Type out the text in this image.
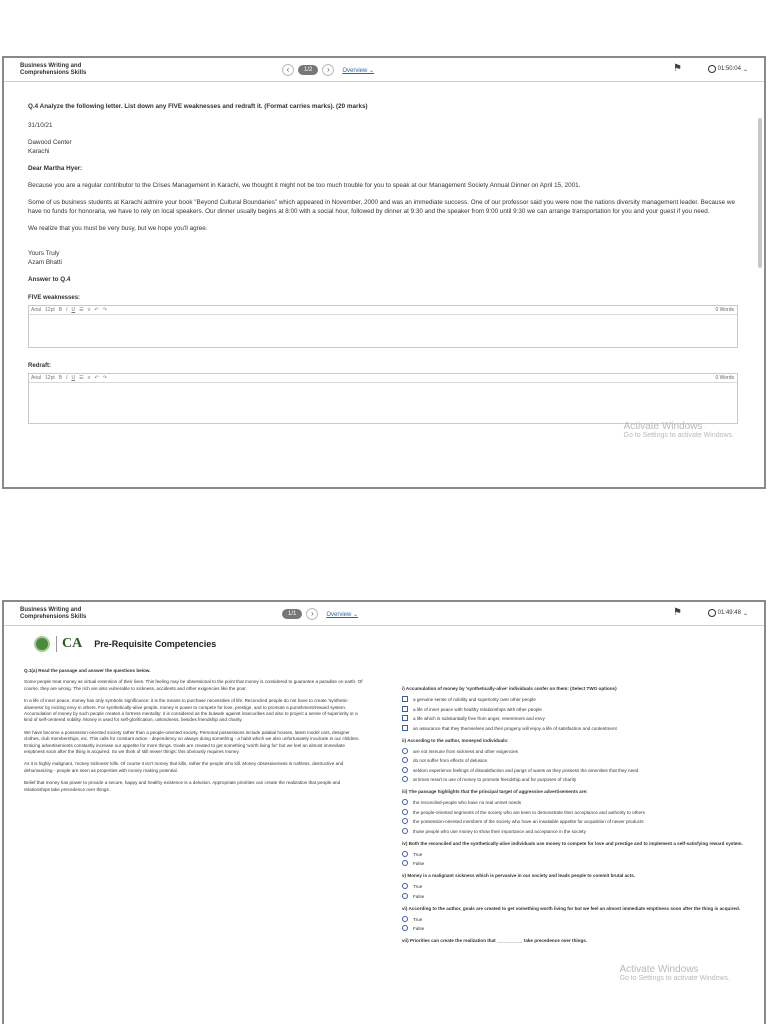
Business Writing and Comprehensions Skills	‹	1/2	›	Overview ⌄	⚑	01:50:04 ⌄
Q.4 Analyze the following letter. List down any FIVE weaknesses and redraft it. (Format carries marks). (20 marks)
31/10/21
Dawood Center
Karachi
Dear Martha Hyer:
Because you are a regular contributor to the Crises Management in Karachi, we thought it might not be too much trouble for you to speak at our Management Society Annual Dinner on April 15, 2001.
Some of us business students at Karachi admire your book "Beyond Cultural Boundaries" which appeared in November, 2000 and was an immediate success. One of our professor said you were now the nations diversity management leader. Because we have no funds for honoraria, we have to rely on local speakers. Our dinner usually begins at 8:00 with a social hour, followed by dinner at 9:30 and the speaker from 9:00 until 9:30 we can arrange transportation for you and your guest if you need.
We realize that you must be very busy, but we hope you'll agree.
Yours Truly
Azam Bhatti
Answer to Q.4
FIVE weaknesses:
Arial 12pt B I U ☰ ≡ ↶ ↷	0 Words
Redraft:
Arial 12pt B I U ☰ ≡ ↶ ↷	0 Words
Activate Windows
Go to Settings to activate Windows.
Business Writing and Comprehensions Skills	1/1	›	Overview ⌄	⚑	01:49:48 ⌄
CA Pre-Requisite Competencies
Q.1(a) Read the passage and answer the questions below.
Some people treat money as virtual extension of their lives. This feeling may be obsessional to the point that money is considered to guarantee a paradise on earth. Of course, they are wrong. The rich are also vulnerable to sickness, accidents and other exigencies like the poor.
In a life of inner peace, money has only symbolic significance: it is the means to purchase necessities of life. Reconciled people do not have to create 'synthetic-aliveness' by inciting envy in others. For synthetically-alive people, money is power to compete for love, prestige, and to promote a punishment/reward system. Accumulation of money by such people creates a fortress mentality: it is considered as the bulwark against insecurities and also to project a sense of superiority or a kind of self-centered nobility. Money is used for self-glorification, unkindness, besides friendship and charity.
We have become a possession-oriented society rather than a people-oriented society. Personal possessions include palatial houses, latest model cars, designer clothes, club memberships, etc. This calls for constant action - dependency on always doing something - a habit which we also unfortunately inculcate in our children. Enticing advertisements constantly increase our appetite for more things. Goals are created to get something 'worth living for' but we feel an almost immediate emptiness soon after the thing is acquired. So we think of still newer things: this obviously requires money.
As it is highly malignant, 'money sickness' kills. Of course it isn't money that kills, rather the people who kill. Money obsessiveness is ruthless, destructive and dehumanizing - people are seen as properties with money making potential.
Belief that money has power to provide a secure, happy and healthy existence is a delusion. Appropriate priorities can create the realization that people and relationships take precedence over things.
i) Accumulation of money by 'synthetically-alive' individuals confer on them: (Select TWO options)
a genuine sense of nobility and superiority over other people
a life of inner peace with healthy relationships with other people
a life which is substantially free from anger, resentment and envy
an assurance that they themselves and their progeny will enjoy a life of satisfaction and contentment
ii) According to the author, moneyed individuals:
are not immune from sickness and other exigencies
do not suffer from effects of delusion
seldom experience feelings of dissatisfaction and pangs of wants as they possess the amenities that they need
at times resort to use of money to promote friendship and for purposes of charity
iii) The passage highlights that the principal target of aggressive advertisements are:
the reconciled-people who have no real unmet needs
the people-oriented segments of the society who are keen to demonstrate their acceptance and authority to others
the possession-oriented members of the society who have an insatiable appetite for acquisition of newer products
those people who use money to show their importance and acceptance in the society
iv) Both the reconciled and the synthetically-alive individuals use money to compete for love and prestige and to implement a self-satisfying reward system.
True
False
v) Money is a malignant sickness which is pervasive in our society and leads people to commit brutal acts.
True
False
vi) According to the author, goals are created to get something worth living for but we feel an almost immediate emptiness soon after the thing is acquired.
True
False
vii) Priorities can create the realization that __________ take precedence over things.
Activate Windows
Go to Settings to activate Windows.
